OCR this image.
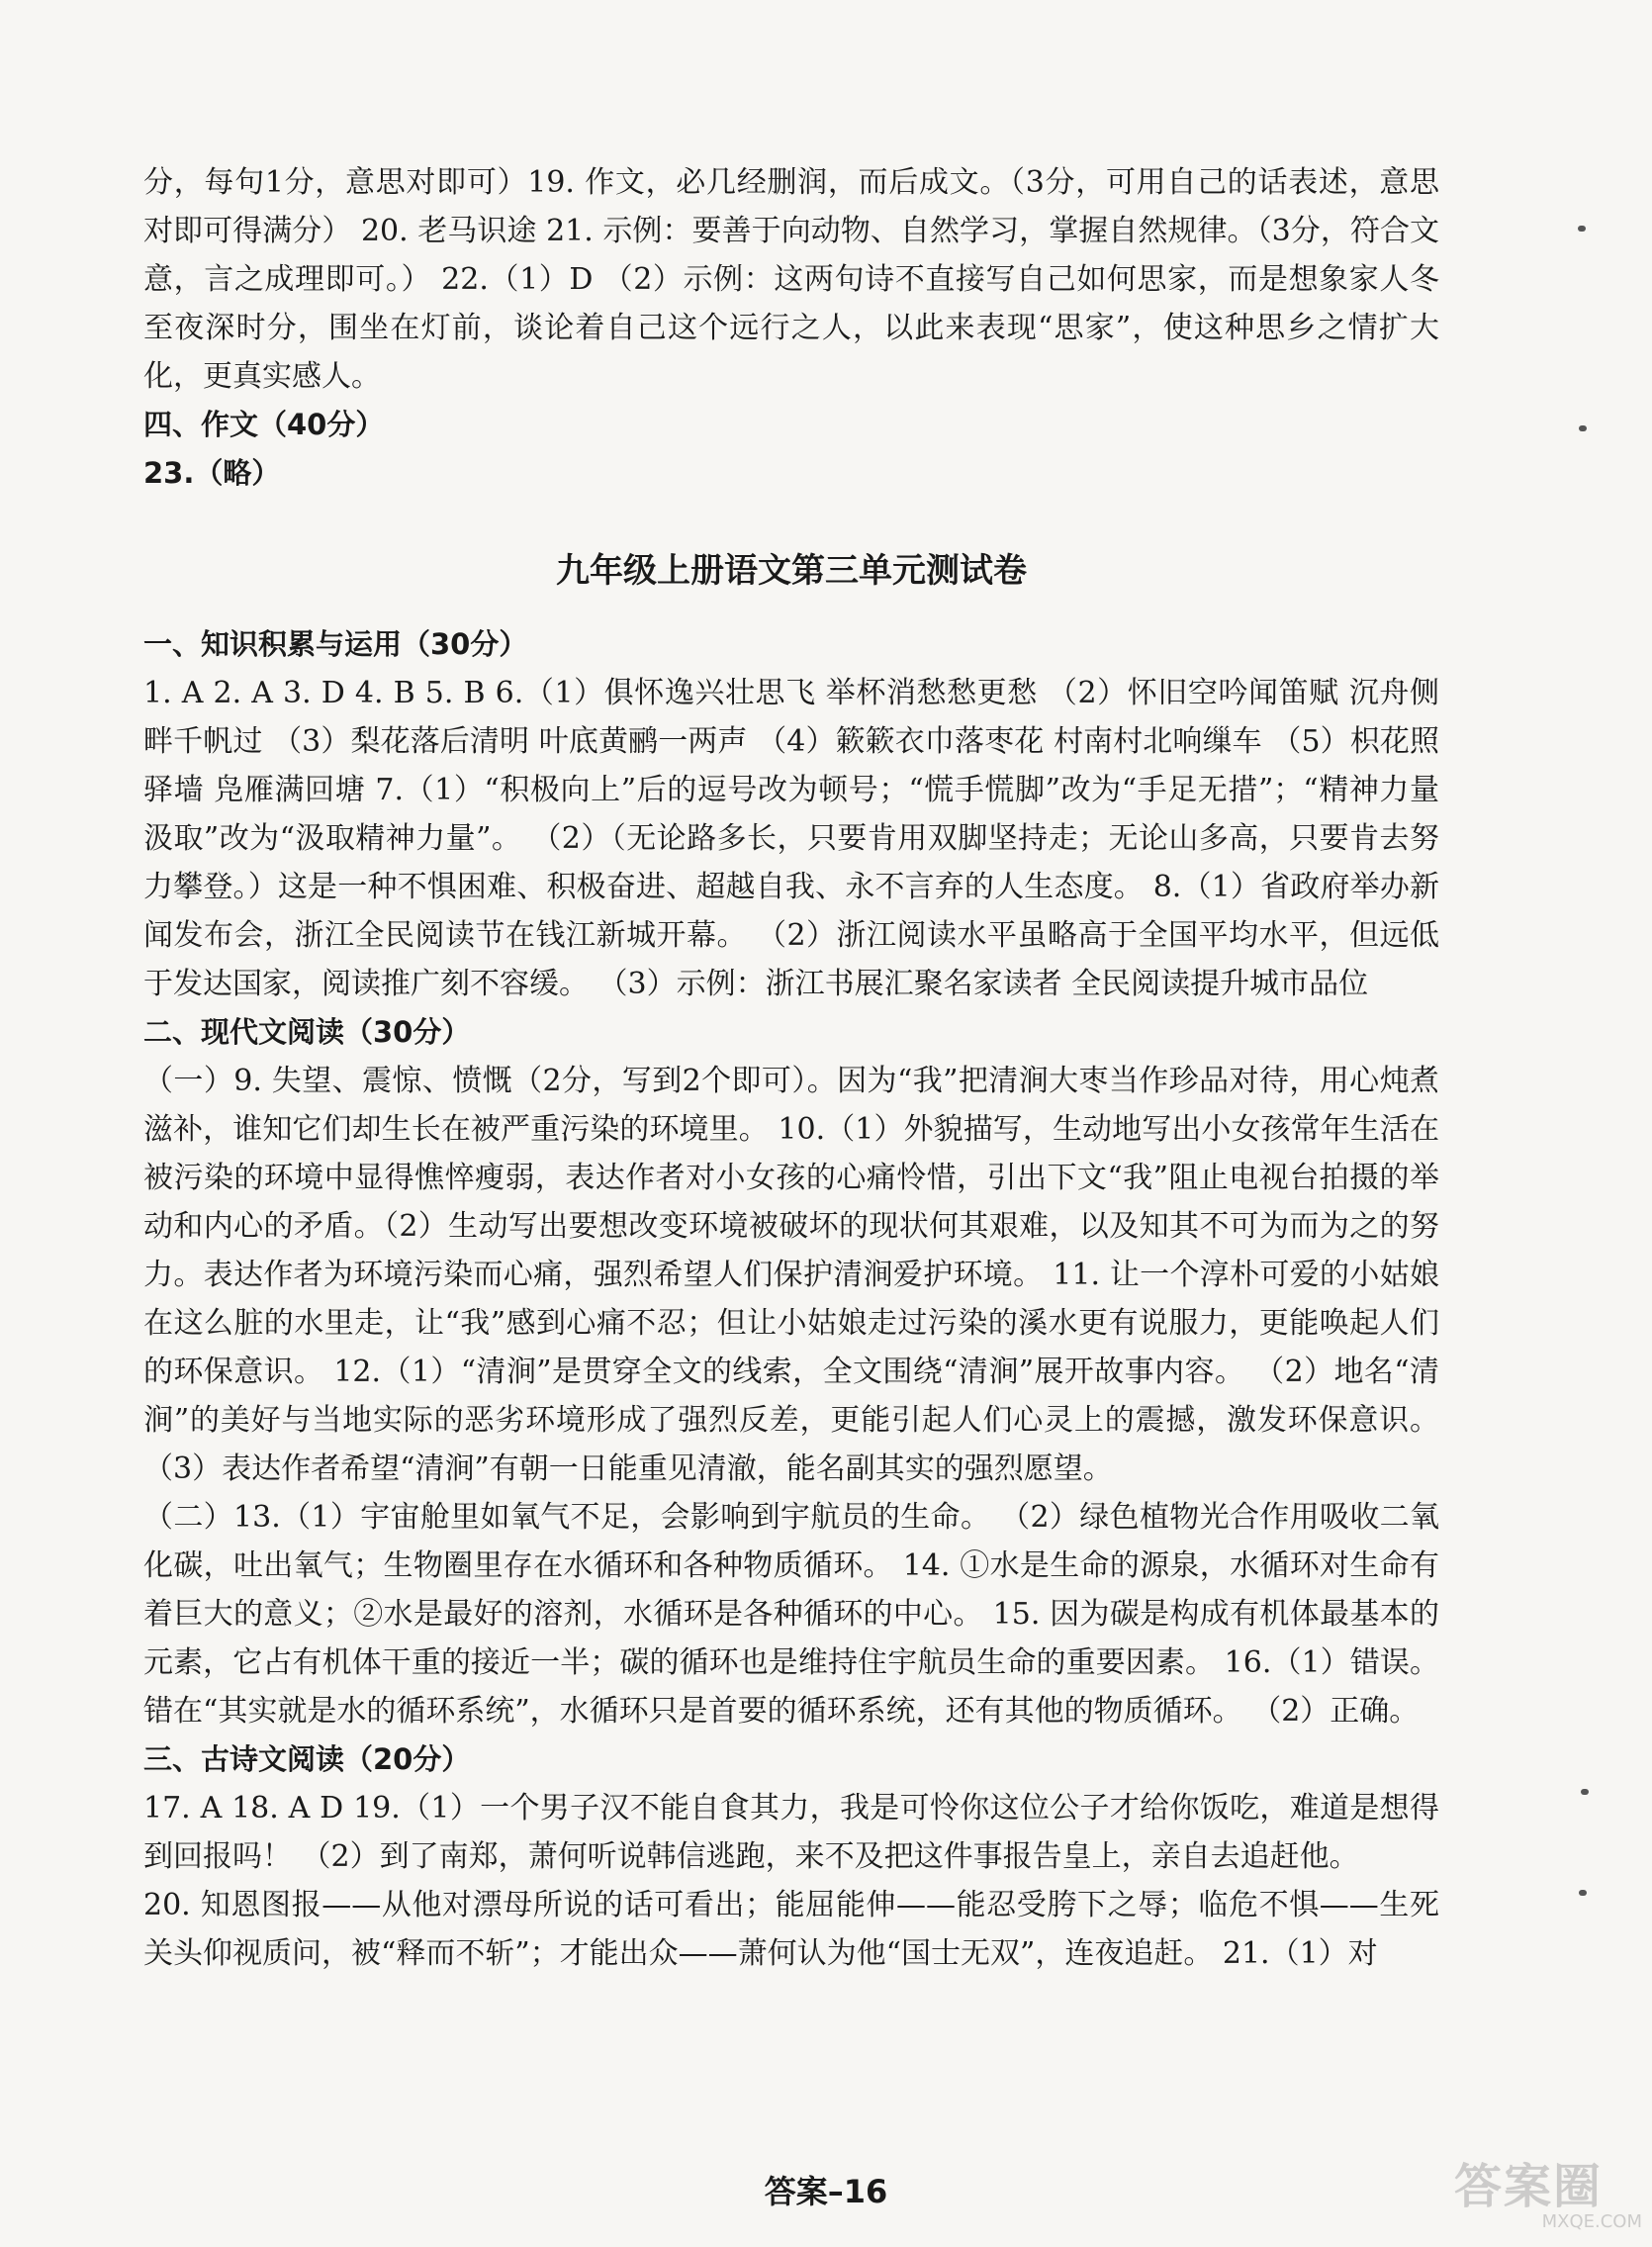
分，每句1分，意思对即可）19. 作文，必几经删润，而后成文。（3分，可用自己的话表述，意思对即可得满分） 20. 老马识途 21. 示例：要善于向动物、自然学习，掌握自然规律。（3分，符合文意，言之成理即可。） 22.（1）D （2）示例：这两句诗不直接写自己如何思家，而是想象家人冬至夜深时分，围坐在灯前，谈论着自己这个远行之人，以此来表现“思家”，使这种思乡之情扩大化，更真实感人。

四、作文（40分）
23.（略）
九年级上册语文第三单元测试卷
一、知识积累与运用（30分）

1. A 2. A 3. D 4. B 5. B 6.（1）俱怀逸兴壮思飞 举杯消愁愁更愁 （2）怀旧空吟闻笛赋 沉舟侧畔千帆过 （3）梨花落后清明 叶底黄鹂一两声 （4）簌簌衣巾落枣花 村南村北响缫车 （5）枳花照驿墙 凫雁满回塘 7.（1）“积极向上”后的逗号改为顿号；“慌手慌脚”改为“手足无措”；“精神力量汲取”改为“汲取精神力量”。 （2）（无论路多长，只要肯用双脚坚持走；无论山多高，只要肯去努力攀登。）这是一种不惧困难、积极奋进、超越自我、永不言弃的人生态度。 8.（1）省政府举办新闻发布会，浙江全民阅读节在钱江新城开幕。 （2）浙江阅读水平虽略高于全国平均水平，但远低于发达国家，阅读推广刻不容缓。 （3）示例：浙江书展汇聚名家读者 全民阅读提升城市品位

二、现代文阅读（30分）

（一）9. 失望、震惊、愤慨（2分，写到2个即可）。因为“我”把清涧大枣当作珍品对待，用心炖煮滋补，谁知它们却生长在被严重污染的环境里。 10.（1）外貌描写，生动地写出小女孩常年生活在被污染的环境中显得憔悴瘦弱，表达作者对小女孩的心痛怜惜，引出下文“我”阻止电视台拍摄的举动和内心的矛盾。（2）生动写出要想改变环境被破坏的现状何其艰难，以及知其不可为而为之的努力。表达作者为环境污染而心痛，强烈希望人们保护清涧爱护环境。 11. 让一个淳朴可爱的小姑娘在这么脏的水里走，让“我”感到心痛不忍；但让小姑娘走过污染的溪水更有说服力，更能唤起人们的环保意识。 12.（1）“清涧”是贯穿全文的线索，全文围绕“清涧”展开故事内容。 （2）地名“清涧”的美好与当地实际的恶劣环境形成了强烈反差，更能引起人们心灵上的震撼，激发环保意识。 （3）表达作者希望“清涧”有朝一日能重见清澈，能名副其实的强烈愿望。

（二）13.（1）宇宙舱里如氧气不足，会影响到宇航员的生命。 （2）绿色植物光合作用吸收二氧化碳，吐出氧气；生物圈里存在水循环和各种物质循环。 14. ①水是生命的源泉，水循环对生命有着巨大的意义；②水是最好的溶剂，水循环是各种循环的中心。 15. 因为碳是构成有机体最基本的元素，它占有机体干重的接近一半；碳的循环也是维持住宇航员生命的重要因素。 16.（1）错误。错在“其实就是水的循环系统”，水循环只是首要的循环系统，还有其他的物质循环。 （2）正确。

三、古诗文阅读（20分）

17. A 18. A D 19.（1）一个男子汉不能自食其力，我是可怜你这位公子才给你饭吃，难道是想得到回报吗！ （2）到了南郑，萧何听说韩信逃跑，来不及把这件事报告皇上，亲自去追赶他。

20. 知恩图报——从他对漂母所说的话可看出；能屈能伸——能忍受胯下之辱；临危不惧——生死关头仰视质问，被“释而不斩”；才能出众——萧何认为他“国士无双”，连夜追赶。 21.（1）对

答案–16	答案圈
MXQE.COM
